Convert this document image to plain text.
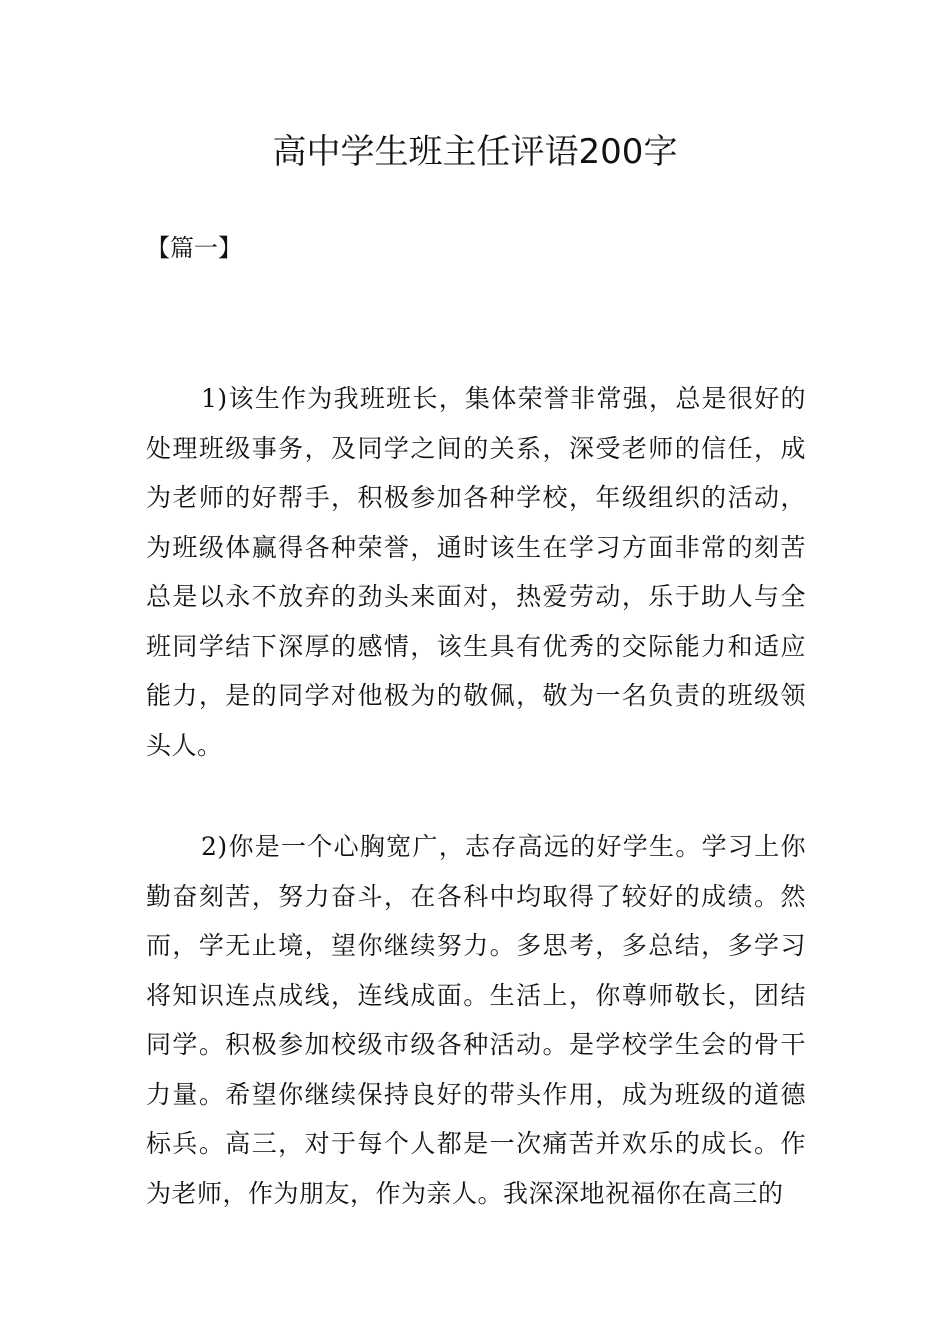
高中学生班主任评语200字
【篇一】

1)该生作为我班班长，集体荣誉非常强，总是很好的处理班级事务，及同学之间的关系，深受老师的信任，成为老师的好帮手，积极参加各种学校，年级组织的活动，为班级体赢得各种荣誉，通时该生在学习方面非常的刻苦总是以永不放弃的劲头来面对，热爱劳动，乐于助人与全班同学结下深厚的感情，该生具有优秀的交际能力和适应能力，是的同学对他极为的敬佩，敬为一名负责的班级领头人。

2)你是一个心胸宽广，志存高远的好学生。学习上你勤奋刻苦，努力奋斗，在各科中均取得了较好的成绩。然而，学无止境，望你继续努力。多思考，多总结，多学习将知识连点成线，连线成面。生活上，你尊师敬长，团结同学。积极参加校级市级各种活动。是学校学生会的骨干力量。希望你继续保持良好的带头作用，成为班级的道德标兵。高三，对于每个人都是一次痛苦并欢乐的成长。作为老师，作为朋友，作为亲人。我深深地祝福你在高三的
